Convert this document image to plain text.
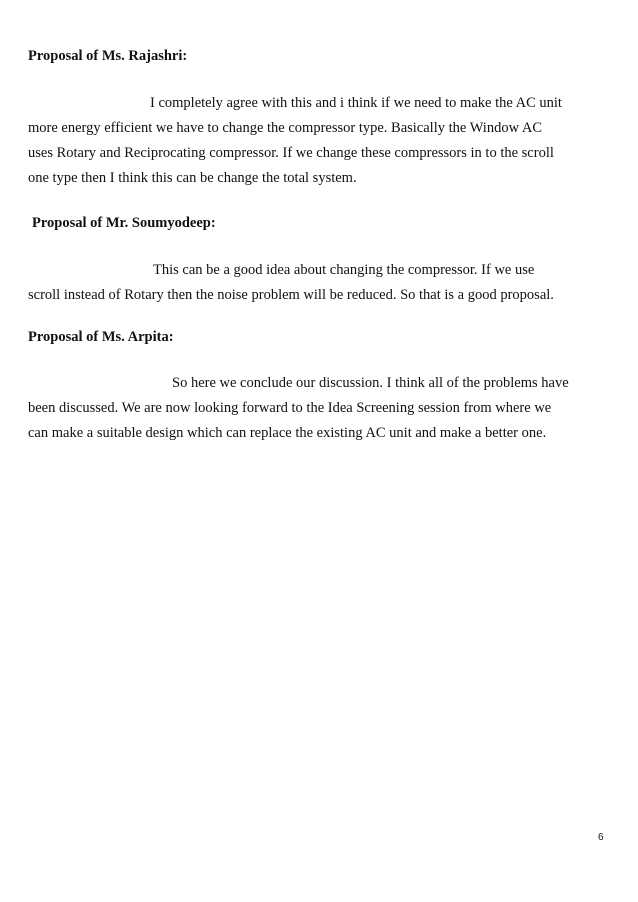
Proposal of Ms. Rajashri:
I completely agree with this and i think if we need to make the AC unit
more energy efficient we have to change the compressor type. Basically the Window AC
uses Rotary and Reciprocating compressor. If we change these compressors in to the scroll
one type then I think this can be change the total system.
Proposal of Mr. Soumyodeep:
This can be a good idea about changing the compressor. If we use
scroll instead of Rotary then the noise problem will be reduced. So that is a good proposal.
Proposal of Ms. Arpita:
So here we conclude our discussion. I think all of the problems have
been discussed. We are now looking forward to the Idea Screening session from where we
can make a suitable design which can replace the existing AC unit and make a better one.
6
